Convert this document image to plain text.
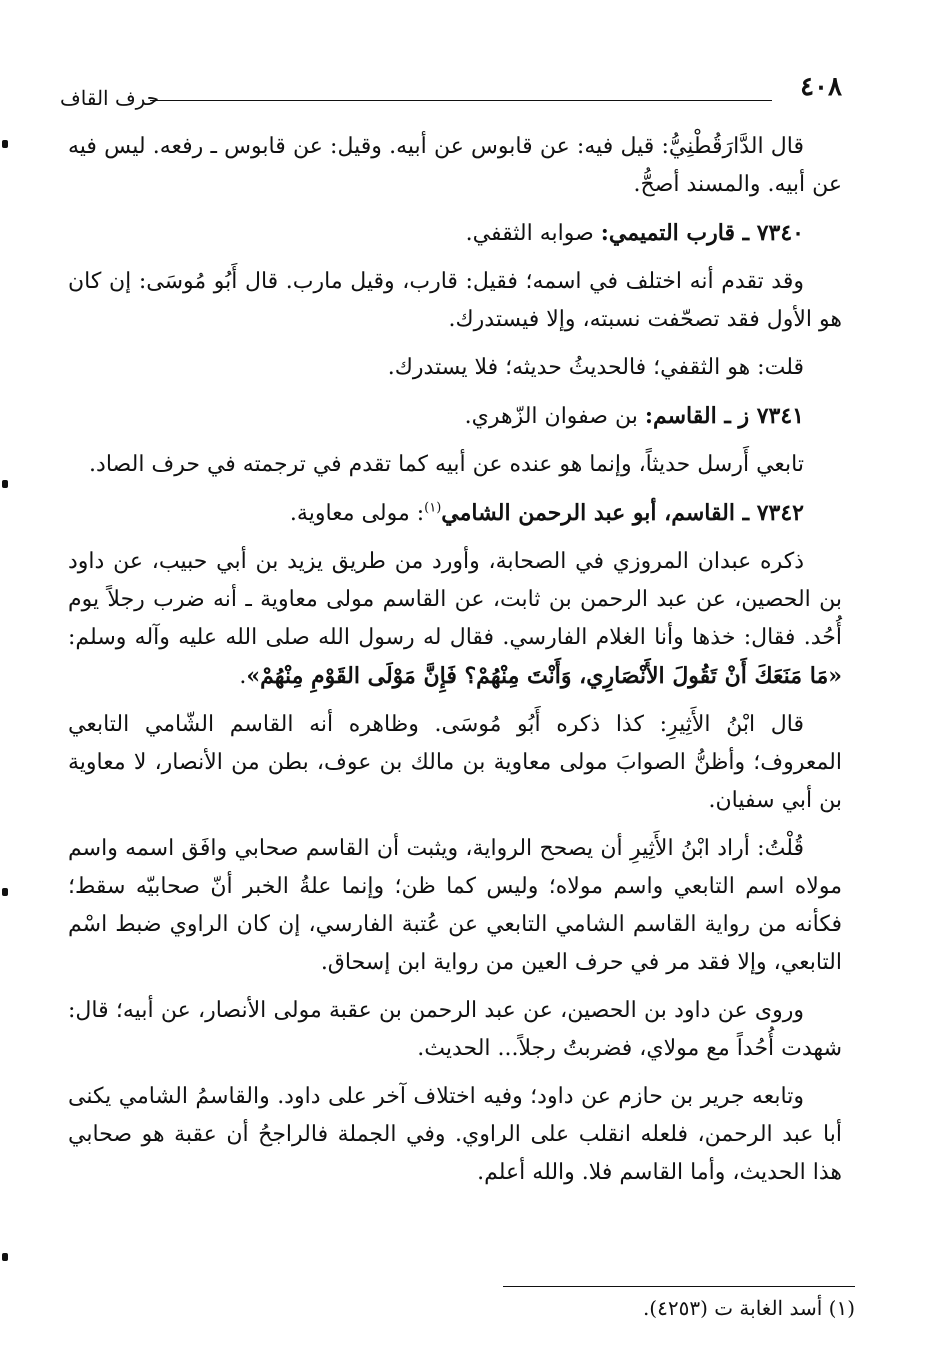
٤٠٨
حرف القاف

قال الدَّارَقُطْنِيُّ: قيل فيه: عن قابوس عن أبيه. وقيل: عن قابوس ـ رفعه. ليس فيه عن أبيه. والمسند أصحُّ.

٧٣٤٠ ـ قارب التميمي: صوابه الثقفي.

وقد تقدم أنه اختلف في اسمه؛ فقيل: قارب، وقيل مارب. قال أَبُو مُوسَى: إن كان هو الأول فقد تصحّفت نسبته، وإلا فيستدرك.

قلت: هو الثقفي؛ فالحديثُ حديثه؛ فلا يستدرك.

٧٣٤١ ز ـ القاسم: بن صفوان الزّهري.

تابعي أَرسل حديثاً، وإنما هو عنده عن أبيه كما تقدم في ترجمته في حرف الصاد.

٧٣٤٢ ـ القاسم، أبو عبد الرحمن الشامي$^{(١)}$: مولى معاوية.

ذكره عبدان المروزي في الصحابة، وأورد من طريق يزيد بن أبي حبيب، عن داود بن الحصين، عن عبد الرحمن بن ثابت، عن القاسم مولى معاوية ـ أنه ضرب رجلاً يوم أُحُد. فقال: خذها وأنا الغلام الفارسي. فقال له رسول الله صلى الله عليه وآله وسلم: «مَا مَنَعَكَ أَنْ تَقُولَ الأَنْصَارِي، وَأَنْتَ مِنْهُمْ؟ فَإِنَّ مَوْلَى القَوْمِ مِنْهُمْ».

قال ابْنُ الأَثِيرِ: كذا ذكره أَبُو مُوسَى. وظاهره أنه القاسم الشّامي التابعي المعروف؛ وأظنُّ الصوابَ مولى معاوية بن مالك بن عوف، بطن من الأنصار، لا معاوية بن أبي سفيان.

قُلْتُ: أراد ابْنُ الأَثِيرِ أن يصحح الرواية، ويثبت أن القاسم صحابي وافَق اسمه واسم مولاه اسم التابعي واسم مولاه؛ وليس كما ظن؛ وإنما علةُ الخبر أنّ صحابيّه سقط؛ فكأنه من رواية القاسم الشامي التابعي عن عُتبة الفارسي، إن كان الراوي ضبط اسْم التابعي، وإلا فقد مر في حرف العين من رواية ابن إسحاق.

وروى عن داود بن الحصين، عن عبد الرحمن بن عقبة مولى الأنصار، عن أبيه؛ قال: شهدت أُحُداً مع مولاي، فضربتُ رجلاً... الحديث.

وتابعه جرير بن حازم عن داود؛ وفيه اختلاف آخر على داود. والقاسمُ الشامي يكنى أبا عبد الرحمن، فلعله انقلب على الراوي. وفي الجملة فالراجحُ أن عقبة هو صحابي هذا الحديث، وأما القاسم فلا. والله أعلم.

(١) أسد الغابة ت (٤٢٥٣).
